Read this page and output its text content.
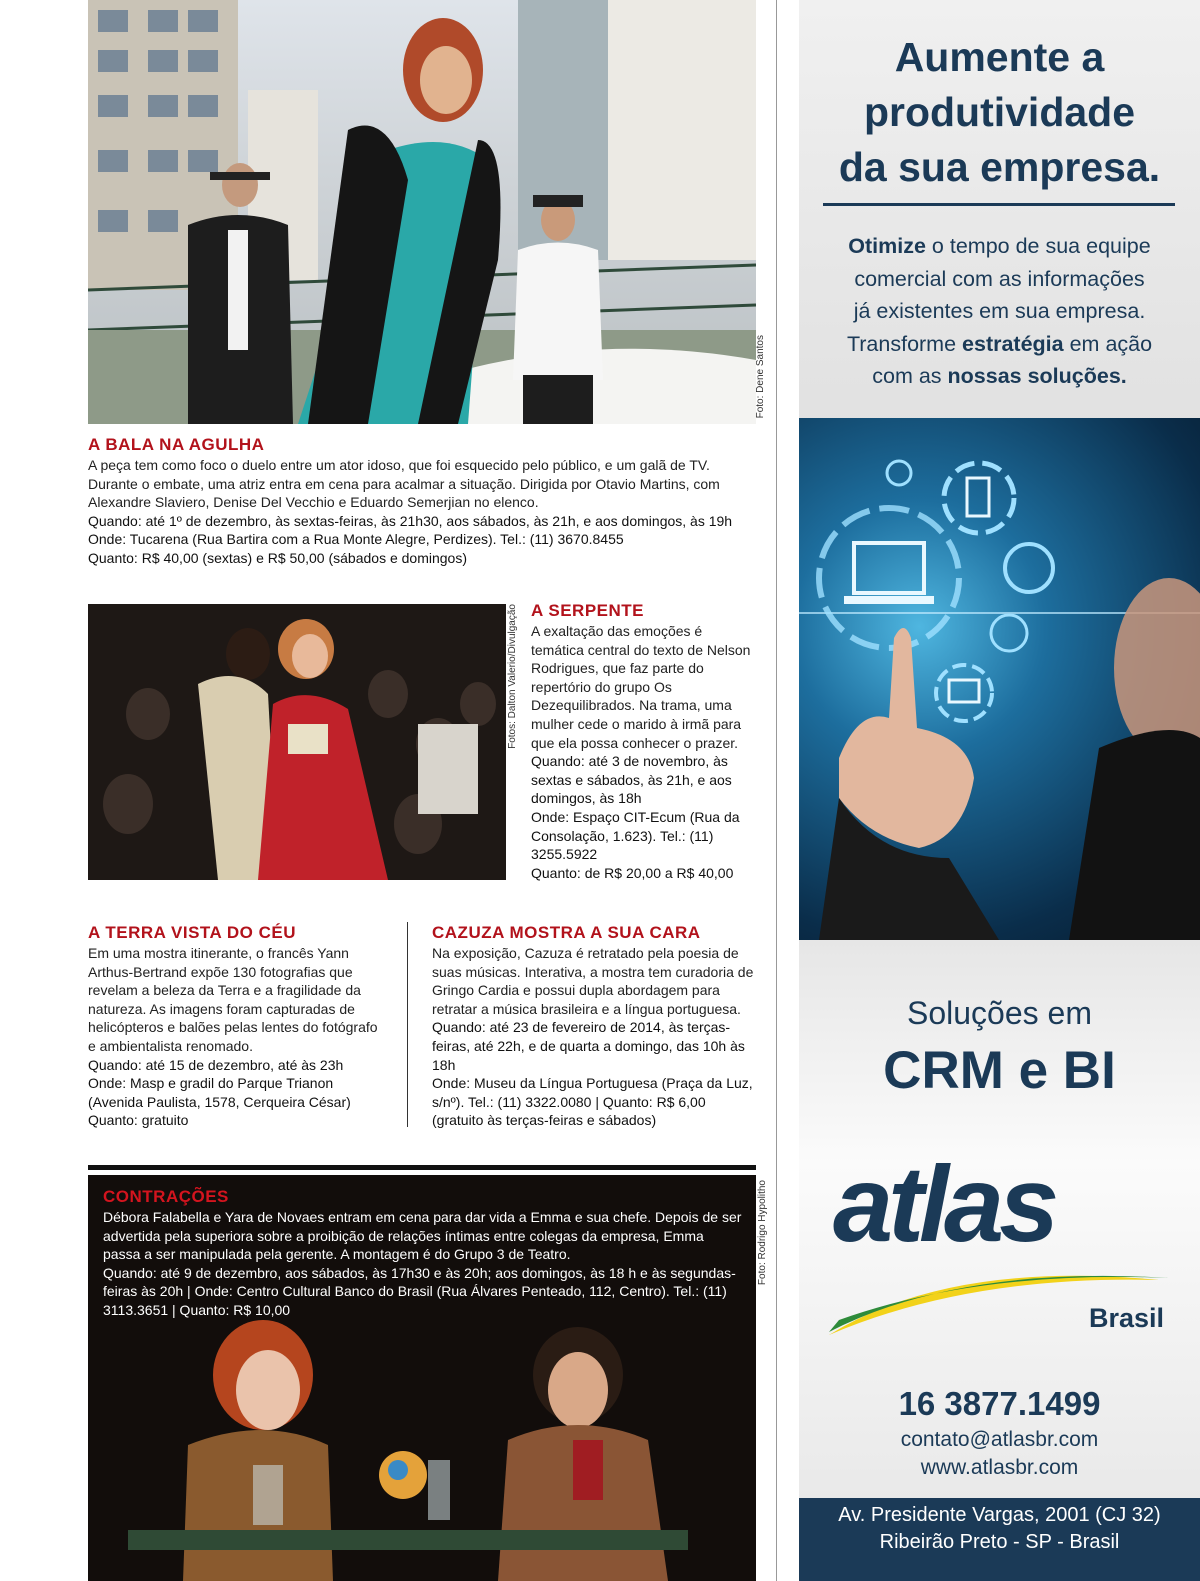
Foto: Dene Santos
A BALA NA AGULHA

A peça tem como foco o duelo entre um ator idoso, que foi esquecido pelo público, e um galã de TV. Durante o embate, uma atriz entra em cena para acalmar a situação. Dirigida por Otavio Martins, com Alexandre Slaviero, Denise Del Vecchio e Eduardo Semerjian no elenco.

Quando: até 1º de dezembro, às sextas-feiras, às 21h30, aos sábados, às 21h, e aos domingos, às 19h

Onde: Tucarena (Rua Bartira com a Rua Monte Alegre, Perdizes). Tel.: (11) 3670.8455

Quanto: R$ 40,00 (sextas) e R$ 50,00 (sábados e domingos)

Fotos: Dalton Valerio/Divulgação A SERPENTE

A exaltação das emoções é temática central do texto de Nelson Rodrigues, que faz parte do repertório do grupo Os Dezequilibrados. Na trama, uma mulher cede o marido à irmã para que ela possa conhecer o prazer.

Quando: até 3 de novembro, às sextas e sábados, às 21h, e aos domingos, às 18h

Onde: Espaço CIT-Ecum (Rua da Consolação, 1.623). Tel.: (11) 3255.5922

Quanto: de R$ 20,00 a R$ 40,00

A TERRA VISTA DO CÉU

Em uma mostra itinerante, o francês Yann Arthus-Bertrand expõe 130 fotografias que revelam a beleza da Terra e a fragilidade da natureza. As imagens foram capturadas de helicópteros e balões pelas lentes do fotógrafo e ambientalista renomado.

Quando: até 15 de dezembro, até às 23h

Onde: Masp e gradil do Parque Trianon (Avenida Paulista, 1578, Cerqueira César)

Quanto: gratuito

CAZUZA MOSTRA A SUA CARA

Na exposição, Cazuza é retratado pela poesia de suas músicas. Interativa, a mostra tem curadoria de Gringo Cardia e possui dupla abordagem para retratar a música brasileira e a língua portuguesa.

Quando: até 23 de fevereiro de 2014, às terças-feiras, até 22h, e de quarta a domingo, das 10h às 18h

Onde: Museu da Língua Portuguesa (Praça da Luz, s/nº). Tel.: (11) 3322.0080 | Quanto: R$ 6,00 (gratuito às terças-feiras e sábados)

Foto: Rodrigo Hypolitho
CONTRAÇÕES

Débora Falabella e Yara de Novaes entram em cena para dar vida a Emma e sua chefe. Depois de ser advertida pela superiora sobre a proibição de relações íntimas entre colegas da empresa, Emma passa a ser manipulada pela gerente. A montagem é do Grupo 3 de Teatro.

Quando: até 9 de dezembro, aos sábados, às 17h30 e às 20h; aos domingos, às 18 h e às segundas-feiras às 20h | Onde: Centro Cultural Banco do Brasil (Rua Álvares Penteado, 112, Centro). Tel.: (11) 3113.3651 | Quanto: R$ 10,00

Aumente a
produtividade
da sua empresa.
Otimize o tempo de sua equipe
comercial com as informações
já existentes em sua empresa.
Transforme estratégia em ação
com as nossas soluções.
Soluções em
CRM e BI
atlas
Brasil
16 3877.1499
contato@atlasbr.com
www.atlasbr.com
Av. Presidente Vargas, 2001 (CJ 32)
Ribeirão Preto - SP - Brasil
